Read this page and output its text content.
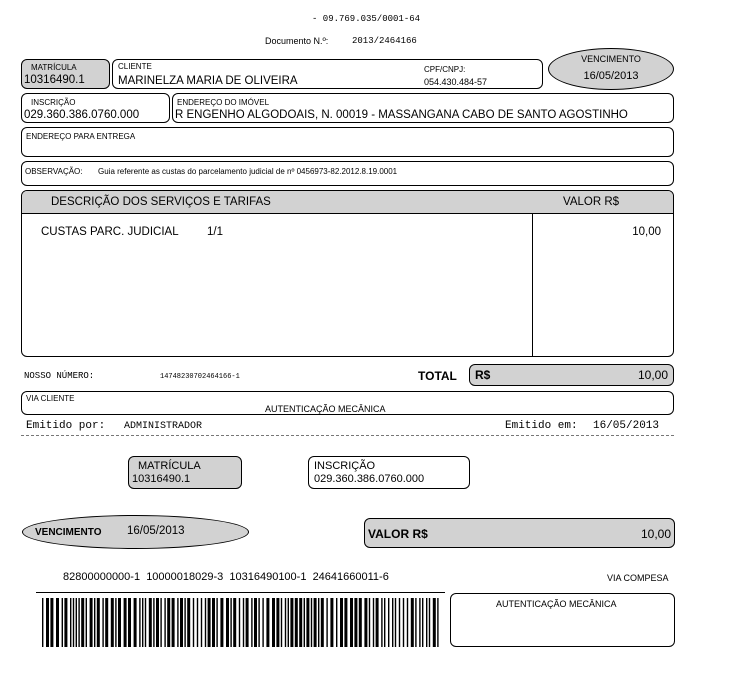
- 09.769.035/0001-64
Documento N.º:	2013/2464166
MATRÍCULA
10316490.1
CLIENTE
MARINELZA MARIA DE OLIVEIRA
CPF/CNPJ:
054.430.484-57
VENCIMENTO
16/05/2013
INSCRIÇÃO
029.360.386.0760.000
ENDEREÇO DO IMÓVEL
R ENGENHO ALGODOAIS, N. 00019 - MASSANGANA CABO DE SANTO AGOSTINHO
ENDEREÇO PARA ENTREGA
OBSERVAÇÃO: Guia referente as custas do parcelamento judicial de nº 0456973-82.2012.8.19.0001
DESCRIÇÃO DOS SERVIÇOS E TARIFAS	VALOR R$
CUSTAS PARC. JUDICIAL 1/1	10,00
NOSSO NÚMERO:	14748230702464166-1	TOTAL R$	10,00
VIA CLIENTE
AUTENTICAÇÃO MECÂNICA
Emitido por: ADMINISTRADOR	Emitido em: 16/05/2013
MATRÍCULA
10316490.1
INSCRIÇÃO
029.360.386.0760.000
VENCIMENTO 16/05/2013	VALOR R$	10,00
82800000000-1  10000018029-3  10316490100-1  24641660011-6	VIA COMPESA
AUTENTICAÇÃO MECÂNICA
